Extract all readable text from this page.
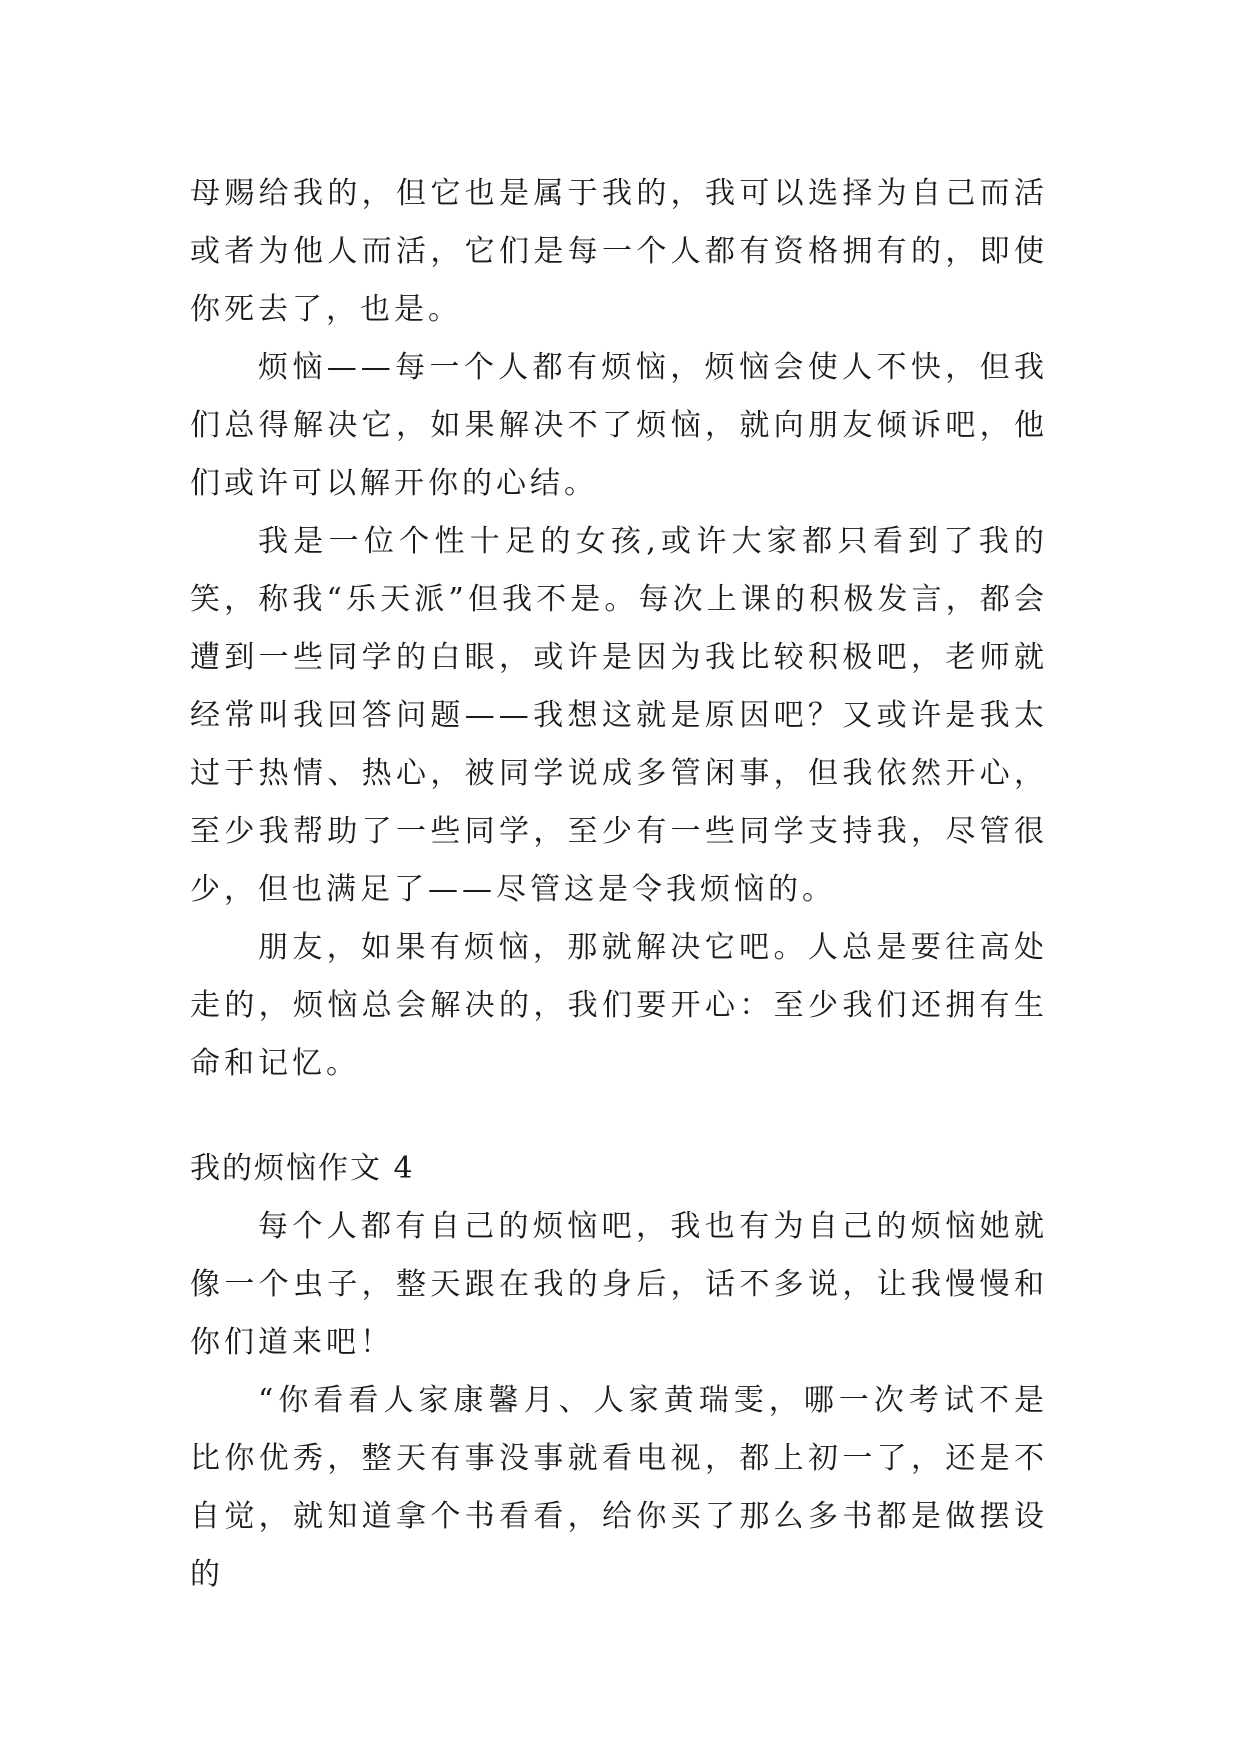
母赐给我的，但它也是属于我的，我可以选择为自己而活或者为他人而活，它们是每一个人都有资格拥有的，即使你死去了，也是。

烦恼——每一个人都有烦恼，烦恼会使人不快，但我们总得解决它，如果解决不了烦恼，就向朋友倾诉吧，他们或许可以解开你的心结。

我是一位个性十足的女孩,或许大家都只看到了我的笑，称我“乐天派”但我不是。每次上课的积极发言，都会遭到一些同学的白眼，或许是因为我比较积极吧，老师就经常叫我回答问题——我想这就是原因吧？又或许是我太过于热情、热心，被同学说成多管闲事，但我依然开心，至少我帮助了一些同学，至少有一些同学支持我，尽管很少，但也满足了——尽管这是令我烦恼的。

朋友，如果有烦恼，那就解决它吧。人总是要往高处走的，烦恼总会解决的，我们要开心：至少我们还拥有生命和记忆。

我的烦恼作文 4

每个人都有自己的烦恼吧，我也有为自己的烦恼她就像一个虫子，整天跟在我的身后，话不多说，让我慢慢和你们道来吧！

“你看看人家康馨月、人家黄瑞雯，哪一次考试不是比你优秀，整天有事没事就看电视，都上初一了，还是不自觉，就知道拿个书看看，给你买了那么多书都是做摆设的
